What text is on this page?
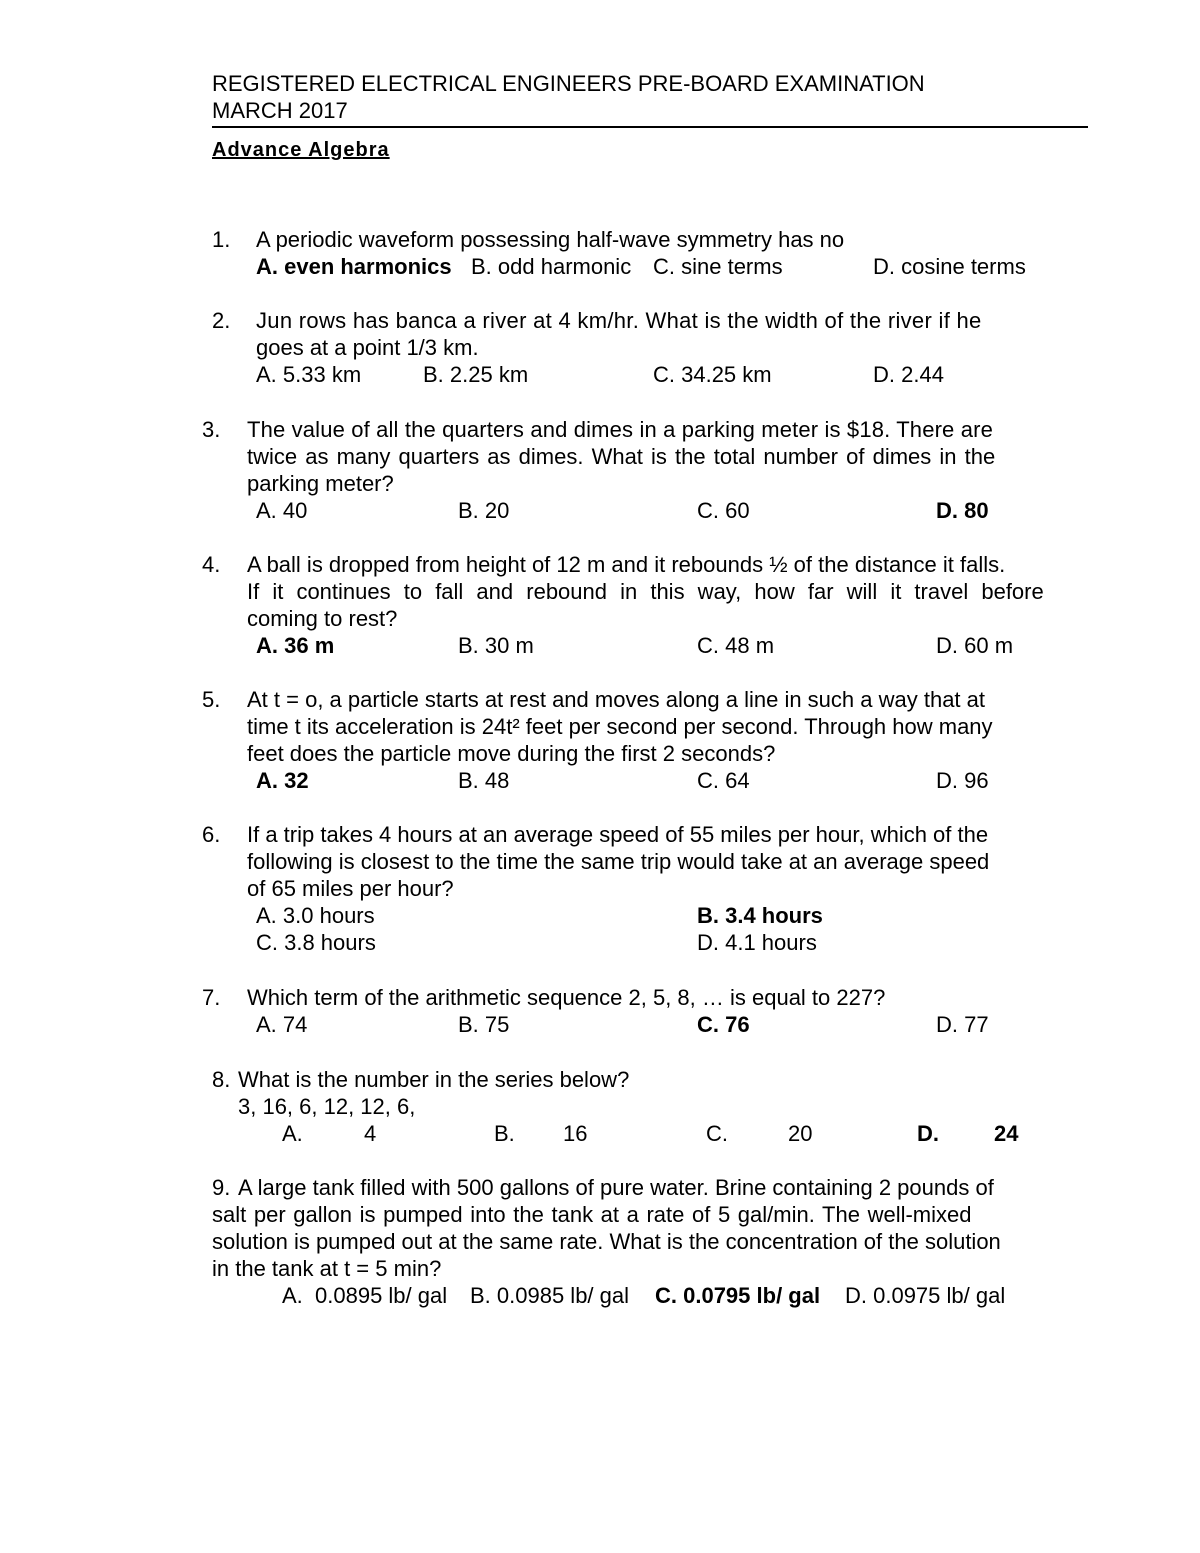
REGISTERED ELECTRICAL ENGINEERS PRE-BOARD EXAMINATION
MARCH 2017
Advance Algebra
1. A periodic waveform possessing half-wave symmetry has no
A. even harmonics B. odd harmonic C. sine terms	D. cosine terms
2. Jun rows has banca a river at 4 km/hr. What is the width of the river if he
goes at a point 1/3 km.
A. 5.33 km	B. 2.25 km	C. 34.25 km	D. 2.44
3. The value of all the quarters and dimes in a parking meter is $18. There are
twice as many quarters as dimes. What is the total number of dimes in the
parking meter?
A. 40	B. 20	C. 60	D. 80
4. A ball is dropped from height of 12 m and it rebounds ½ of the distance it falls.
If it continues to fall and rebound in this way, how far will it travel before
coming to rest?
A. 36 m	B. 30 m	C. 48 m	D. 60 m
5. At t = o, a particle starts at rest and moves along a line in such a way that at
time t its acceleration is 24t² feet per second per second. Through how many
feet does the particle move during the first 2 seconds?
A. 32	B. 48	C. 64	D. 96
6. If a trip takes 4 hours at an average speed of 55 miles per hour, which of the
following is closest to the time the same trip would take at an average speed
of 65 miles per hour?
A. 3.0 hours	B. 3.4 hours
C. 3.8 hours	D. 4.1 hours
7. Which term of the arithmetic sequence 2, 5, 8, … is equal to 227?
A. 74	B. 75	C. 76	D. 77
8. What is the number in the series below?
3, 16, 6, 12, 12, 6,
A.	4	B. 16	C.	20	D.	24
9. A large tank filled with 500 gallons of pure water. Brine containing 2 pounds of
salt per gallon is pumped into the tank at a rate of 5 gal/min. The well-mixed
solution is pumped out at the same rate. What is the concentration of the solution
in the tank at t = 5 min?
A.  0.0895 lb/ gal B. 0.0985 lb/ gal C. 0.0795 lb/ gal D. 0.0975 lb/ gal
